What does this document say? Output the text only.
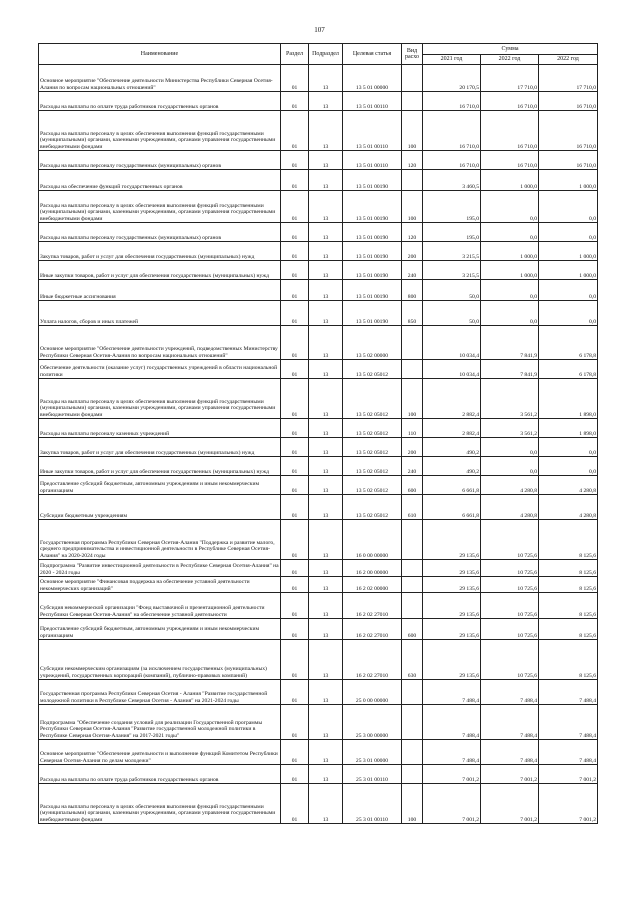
107
Наименование	Раздел	Подраздел	Целевая статья	Вид расхо	Сумма		
					2021 год	2022 год	2022 год
Основное мероприятие "Обеспечение деятельности Министерства Республики Северная Осетия-Алания по вопросам национальных отношений"	01	13	13 5 01 00000		20 170,5	17 710,0	17 710,0
Расходы на выплаты по оплате труда работников государственных органов	01	13	13 5 01 00110		16 710,0	16 710,0	16 710,0
Расходы на выплаты персоналу в целях обеспечения выполнения функций государственными (муниципальными) органами, казенными учреждениями, органами управления государственными внебюджетными фондами	01	13	13 5 01 00110	100	16 710,0	16 710,0	16 710,0
Расходы на выплаты персоналу государственных (муниципальных) органов	01	13	13 5 01 00110	120	16 710,0	16 710,0	16 710,0
Расходы на обеспечение функций государственных органов	01	13	13 5 01 00190		3 460,5	1 000,0	1 000,0
Расходы на выплаты персоналу в целях обеспечения выполнения функций государственными (муниципальными) органами, казенными учреждениями, органами управления государственными внебюджетными фондами	01	13	13 5 01 00190	100	195,0	0,0	0,0
Расходы на выплаты персоналу государственных (муниципальных) органов	01	13	13 5 01 00190	120	195,0	0,0	0,0
Закупка товаров, работ и услуг для обеспечения государственных (муниципальных) нужд	01	13	13 5 01 00190	200	3 215,5	1 000,0	1 000,0
Иные закупки товаров, работ и услуг для обеспечения государственных (муниципальных) нужд	01	13	13 5 01 00190	240	3 215,5	1 000,0	1 000,0
Иные бюджетные ассигнования	01	13	13 5 01 00190	800	50,0	0,0	0,0
Уплата налогов, сборов и иных платежей	01	13	13 5 01 00190	850	50,0	0,0	0,0
Основное мероприятие "Обеспечение деятельности учреждений, подведомственных Министерству Республики Северная Осетия-Алания по вопросам национальных отношений"	01	13	13 5 02 00000		10 034,4	7 841,9	6 178,8
Обеспечение деятельности (оказание услуг) государственных учреждений в области национальной политики	01	13	13 5 02 05012		10 034,4	7 841,9	6 178,8
Расходы на выплаты персоналу в целях обеспечения выполнения функций государственными (муниципальными) органами, казенными учреждениями, органами управления государственными внебюджетными фондами	01	13	13 5 02 05012	100	2 882,4	3 561,2	1 898,0
Расходы на выплаты персоналу казенных учреждений	01	13	13 5 02 05012	110	2 882,4	3 561,2	1 898,0
Закупка товаров, работ и услуг для обеспечения государственных (муниципальных) нужд	01	13	13 5 02 05012	200	490,2	0,0	0,0
Иные закупки товаров, работ и услуг для обеспечения государственных (муниципальных) нужд	01	13	13 5 02 05012	240	490,2	0,0	0,0
Предоставление субсидий бюджетным, автономным учреждениям и иным некоммерческим организациям	01	13	13 5 02 05012	600	6 661,8	4 280,8	4 280,8
Субсидии бюджетным учреждениям	01	13	13 5 02 05012	610	6 661,8	4 280,8	4 280,8
Государственная программа Республики Северная Осетия-Алания "Поддержка и развитие малого, среднего предпринимательства и инвестиционной деятельности в Республике Северная Осетия-Алания" на 2020-2024 годы	01	13	16 0 00 00000		29 135,6	10 725,6	8 125,6
Подпрограмма "Развитие инвестиционной деятельности в Республике Северная Осетия-Алания" на 2020 - 2024 годы	01	13	16 2 00 00000		29 135,6	10 725,6	8 125,6
Основное мероприятие "Финансовая поддержка на обеспечение уставной деятельности некоммерческих организаций"	01	13	16 2 02 00000		29 135,6	10 725,6	8 125,6
Субсидия некоммерческой организации "Фонд выставочной и презентационной деятельности Республики Северная Осетия-Алания" на обеспечение уставной деятельности	01	13	16 2 02 27010		29 135,6	10 725,6	8 125,6
Предоставление субсидий бюджетным, автономным учреждениям и иным некоммерческим организациям	01	13	16 2 02 27010	600	29 135,6	10 725,6	8 125,6
Субсидии некоммерческим организациям (за исключением государственных (муниципальных) учреждений, государственных корпораций (компаний), публично-правовых компаний)	01	13	16 2 02 27010	630	29 135,6	10 725,6	8 125,6
Государственная программа Республики Северная Осетия - Алания "Развитие государственной молодежной политики в Республике Северная Осетия - Алания" на 2021-2024 годы	01	13	25 0 00 00000		7 488,4	7 488,4	7 488,4
Подпрограмма "Обеспечение создания условий для реализации Государственной программы Республики Северная Осетия-Алания "Развитие государственной молодежной политики в Республике Северная Осетия-Алания" на 2017-2021 годы"	01	13	25 3 00 00000		7 488,4	7 488,4	7 488,4
Основное мероприятие "Обеспечение деятельности и выполнение функций Комитетом Республики Северная Осетия-Алания по делам молодежи"	01	13	25 3 01 00000		7 488,4	7 488,4	7 488,4
Расходы на выплаты по оплате труда работников государственных органов	01	13	25 3 01 00110		7 001,2	7 001,2	7 001,2
Расходы на выплаты персоналу в целях обеспечения выполнения функций государственными (муниципальными) органами, казенными учреждениями, органами управления государственными внебюджетными фондами	01	13	25 3 01 00110	100	7 001,2	7 001,2	7 001,2
